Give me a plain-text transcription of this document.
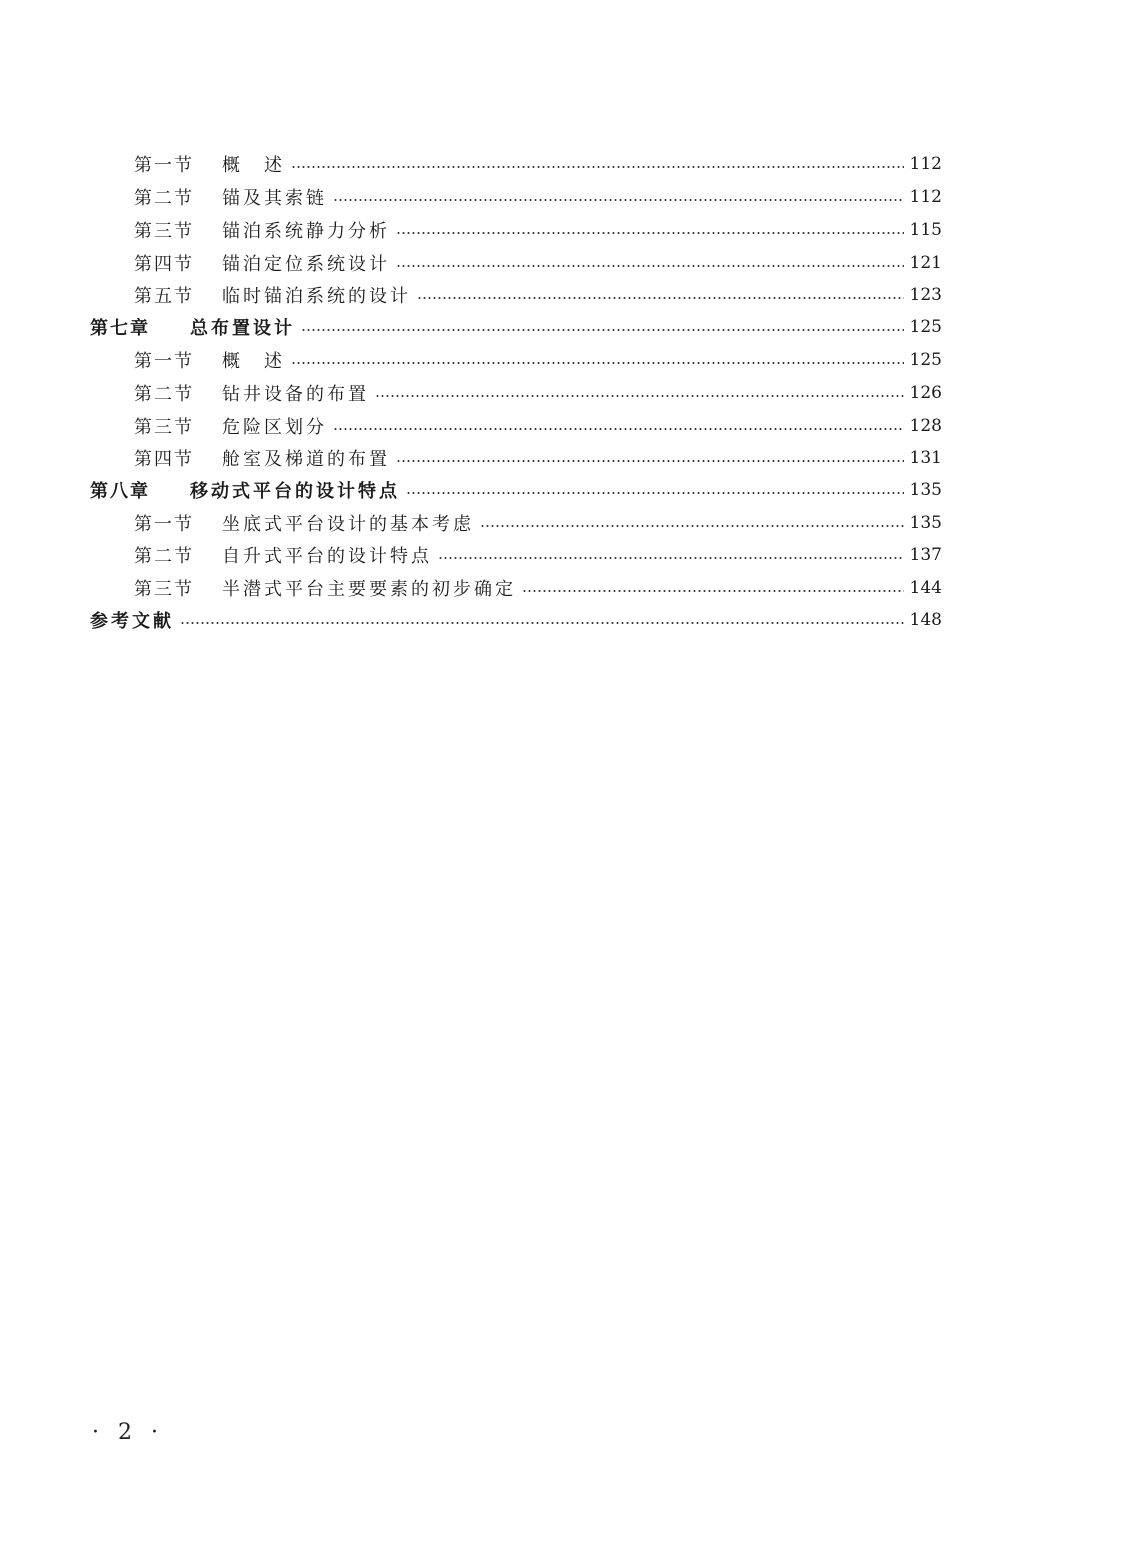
第一节	概　述	112
第二节	锚及其索链	112
第三节	锚泊系统静力分析	115
第四节	锚泊定位系统设计	121
第五节	临时锚泊系统的设计	123
第七章	总布置设计	125
第一节	概　述	125
第二节	钻井设备的布置	126
第三节	危险区划分	128
第四节	舱室及梯道的布置	131
第八章	移动式平台的设计特点	135
第一节	坐底式平台设计的基本考虑	135
第二节	自升式平台的设计特点	137
第三节	半潜式平台主要要素的初步确定	144
参考文献	148
· 2 ·
